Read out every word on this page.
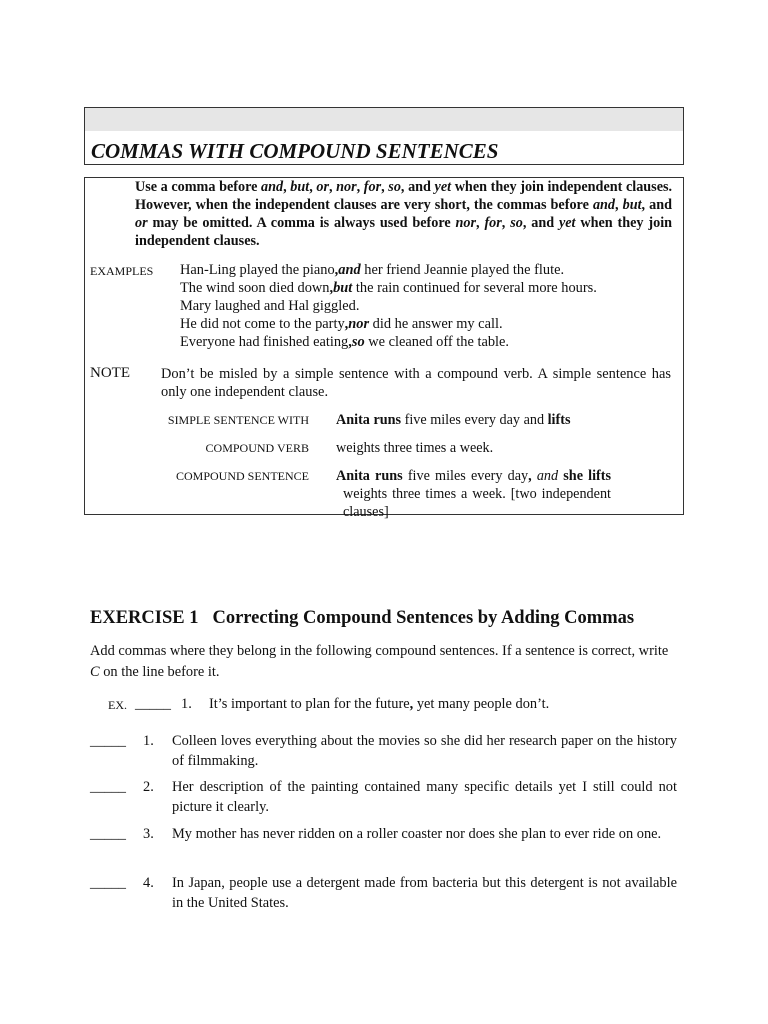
COMMAS WITH COMPOUND SENTENCES
Use a comma before and, but, or, nor, for, so, and yet when they join independent clauses. However, when the independent clauses are very short, the commas before and, but, and or may be omitted. A comma is always used before nor, for, so, and yet when they join independent clauses.
EXAMPLES Han-Ling played the piano,and her friend Jeannie played the flute.
The wind soon died down,but the rain continued for several more hours.
Mary laughed and Hal giggled.
He did not come to the party,nor did he answer my call.
Everyone had finished eating,so we cleaned off the table.
NOTE Don’t be misled by a simple sentence with a compound verb. A simple sentence has only one independent clause.
SIMPLE SENTENCE WITH
COMPOUND VERB
COMPOUND SENTENCE
Anita runs five miles every day and lifts
weights three times a week.
Anita runs five miles every day, and she lifts weights three times a week. [two independent clauses]
EXERCISE 1 Correcting Compound Sentences by Adding Commas
Add commas where they belong in the following compound sentences. If a sentence is correct, write C on the line before it.
EX. _____ 1. It’s important to plan for the future, yet many people don’t.
_____ 1. Colleen loves everything about the movies so she did her research paper on the history of filmmaking.
_____ 2. Her description of the painting contained many specific details yet I still could not picture it clearly.
_____ 3. My mother has never ridden on a roller coaster nor does she plan to ever ride on one.
_____ 4. In Japan, people use a detergent made from bacteria but this detergent is not available in the United States.
